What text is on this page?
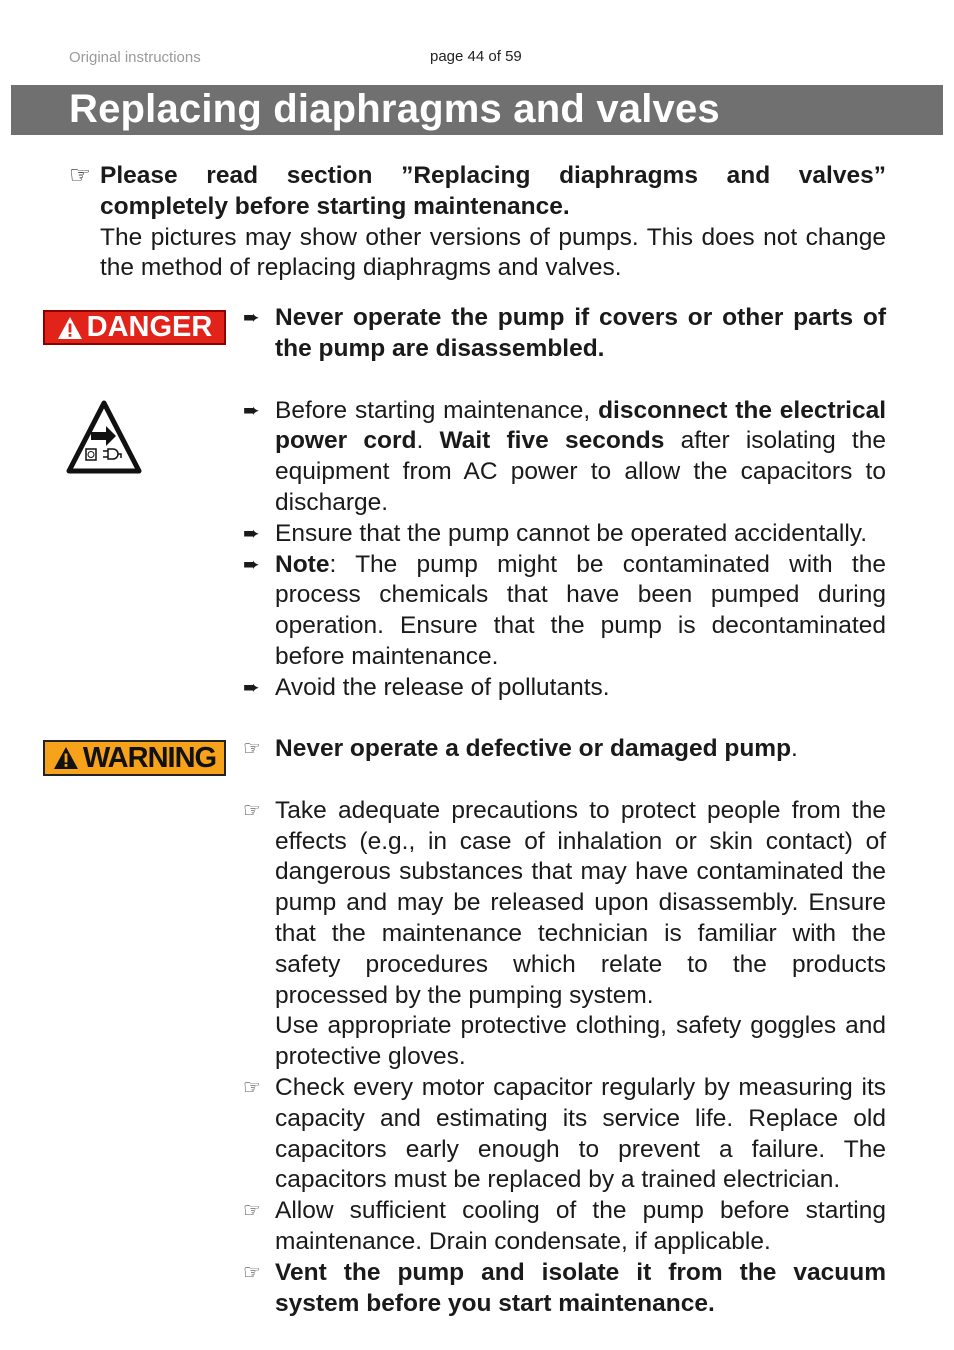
Original instructions	page 44 of 59
Replacing diaphragms and valves
☞ Please read section ”Replacing diaphragms and valves” completely before starting maintenance.
The pictures may show other versions of pumps. This does not change the method of replacing diaphragms and valves.
DANGER ➨ Never operate the pump if covers or other parts of the pump are disassembled.
➨ Before starting maintenance, disconnect the electrical power cord. Wait five seconds after isolating the equipment from AC power to allow the capacitors to discharge.
➨ Ensure that the pump cannot be operated accidentally.
➨ Note: The pump might be contaminated with the process chemicals that have been pumped during operation. Ensure that the pump is decontaminated before maintenance.
➨ Avoid the release of pollutants.
WARNING ☞ Never operate a defective or damaged pump.
☞ Take adequate precautions to protect people from the effects (e.g., in case of inhalation or skin contact) of dangerous substances that may have contaminated the pump and may be released upon disassembly. Ensure that the maintenance technician is familiar with the safety procedures which relate to the products processed by the pumping system.
Use appropriate protective clothing, safety goggles and protective gloves.
☞ Check every motor capacitor regularly by measuring its capacity and estimating its service life. Replace old capacitors early enough to prevent a failure. The capacitors must be replaced by a trained electrician.
☞ Allow sufficient cooling of the pump before starting maintenance. Drain condensate, if applicable.
☞ Vent the pump and isolate it from the vacuum system before you start maintenance.
